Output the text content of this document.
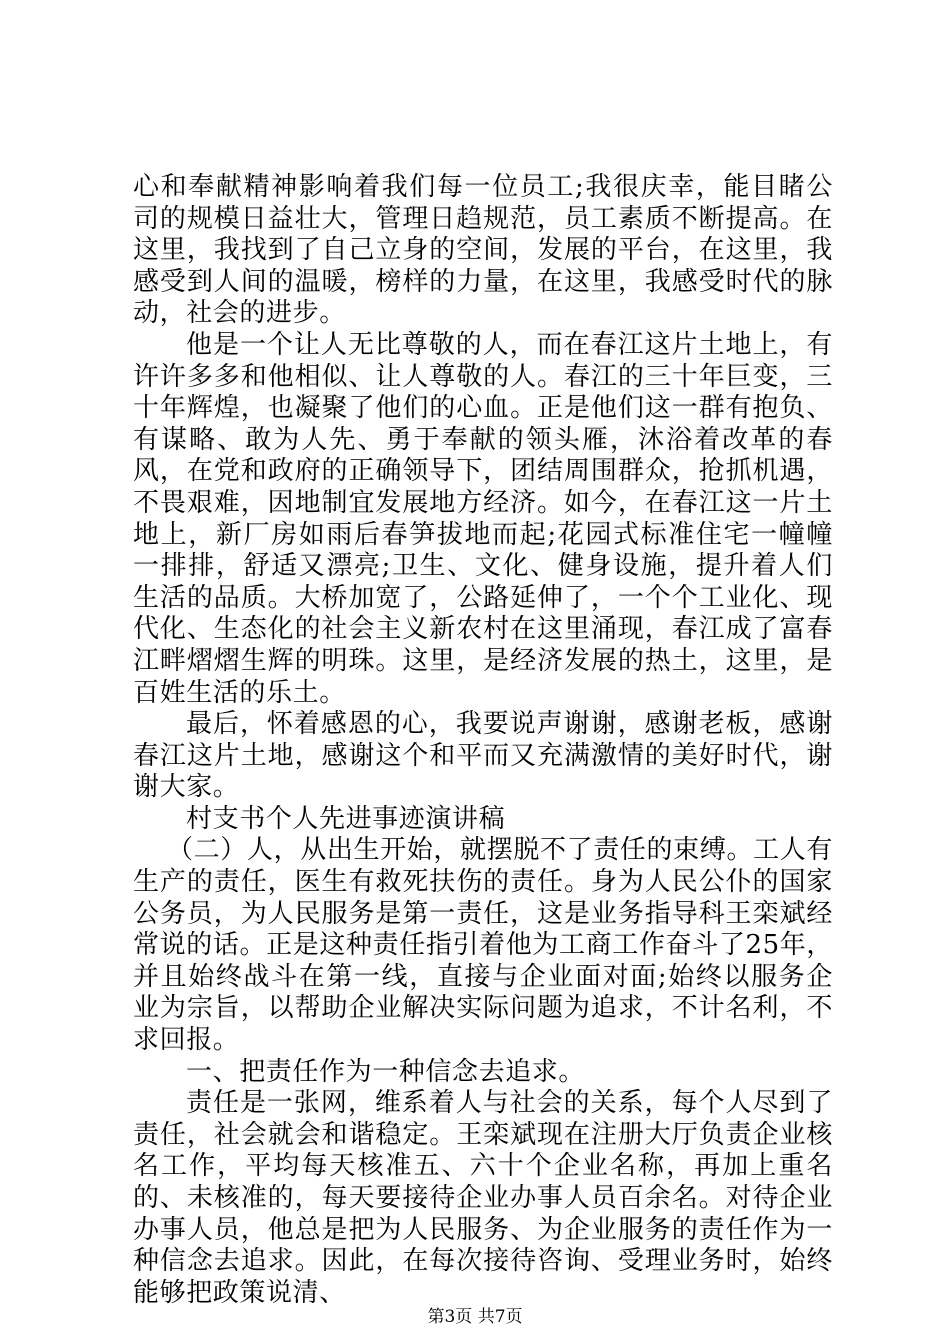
心和奉献精神影响着我们每一位员工;我很庆幸，能目睹公司的规模日益壮大，管理日趋规范，员工素质不断提高。在这里，我找到了自己立身的空间，发展的平台，在这里，我感受到人间的温暖，榜样的力量，在这里，我感受时代的脉动，社会的进步。

他是一个让人无比尊敬的人，而在春江这片土地上，有许许多多和他相似、让人尊敬的人。春江的三十年巨变，三十年辉煌，也凝聚了他们的心血。正是他们这一群有抱负、有谋略、敢为人先、勇于奉献的领头雁，沐浴着改革的春风，在党和政府的正确领导下，团结周围群众，抢抓机遇，不畏艰难，因地制宜发展地方经济。如今，在春江这一片土地上，新厂房如雨后春笋拔地而起;花园式标准住宅一幢幢一排排，舒适又漂亮;卫生、文化、健身设施，提升着人们生活的品质。大桥加宽了，公路延伸了，一个个工业化、现代化、生态化的社会主义新农村在这里涌现，春江成了富春江畔熠熠生辉的明珠。这里，是经济发展的热土，这里，是百姓生活的乐土。

最后，怀着感恩的心，我要说声谢谢，感谢老板，感谢春江这片土地，感谢这个和平而又充满激情的美好时代，谢谢大家。

村支书个人先进事迹演讲稿

（二）人，从出生开始，就摆脱不了责任的束缚。工人有生产的责任，医生有救死扶伤的责任。身为人民公仆的国家公务员，为人民服务是第一责任，这是业务指导科王栾斌经常说的话。正是这种责任指引着他为工商工作奋斗了25年，并且始终战斗在第一线，直接与企业面对面;始终以服务企业为宗旨，以帮助企业解决实际问题为追求，不计名利，不求回报。

一、把责任作为一种信念去追求。

责任是一张网，维系着人与社会的关系，每个人尽到了责任，社会就会和谐稳定。王栾斌现在注册大厅负责企业核名工作，平均每天核准五、六十个企业名称，再加上重名的、未核准的，每天要接待企业办事人员百余名。对待企业办事人员，他总是把为人民服务、为企业服务的责任作为一种信念去追求。因此，在每次接待咨询、受理业务时，始终能够把政策说清、

第3页 共7页
